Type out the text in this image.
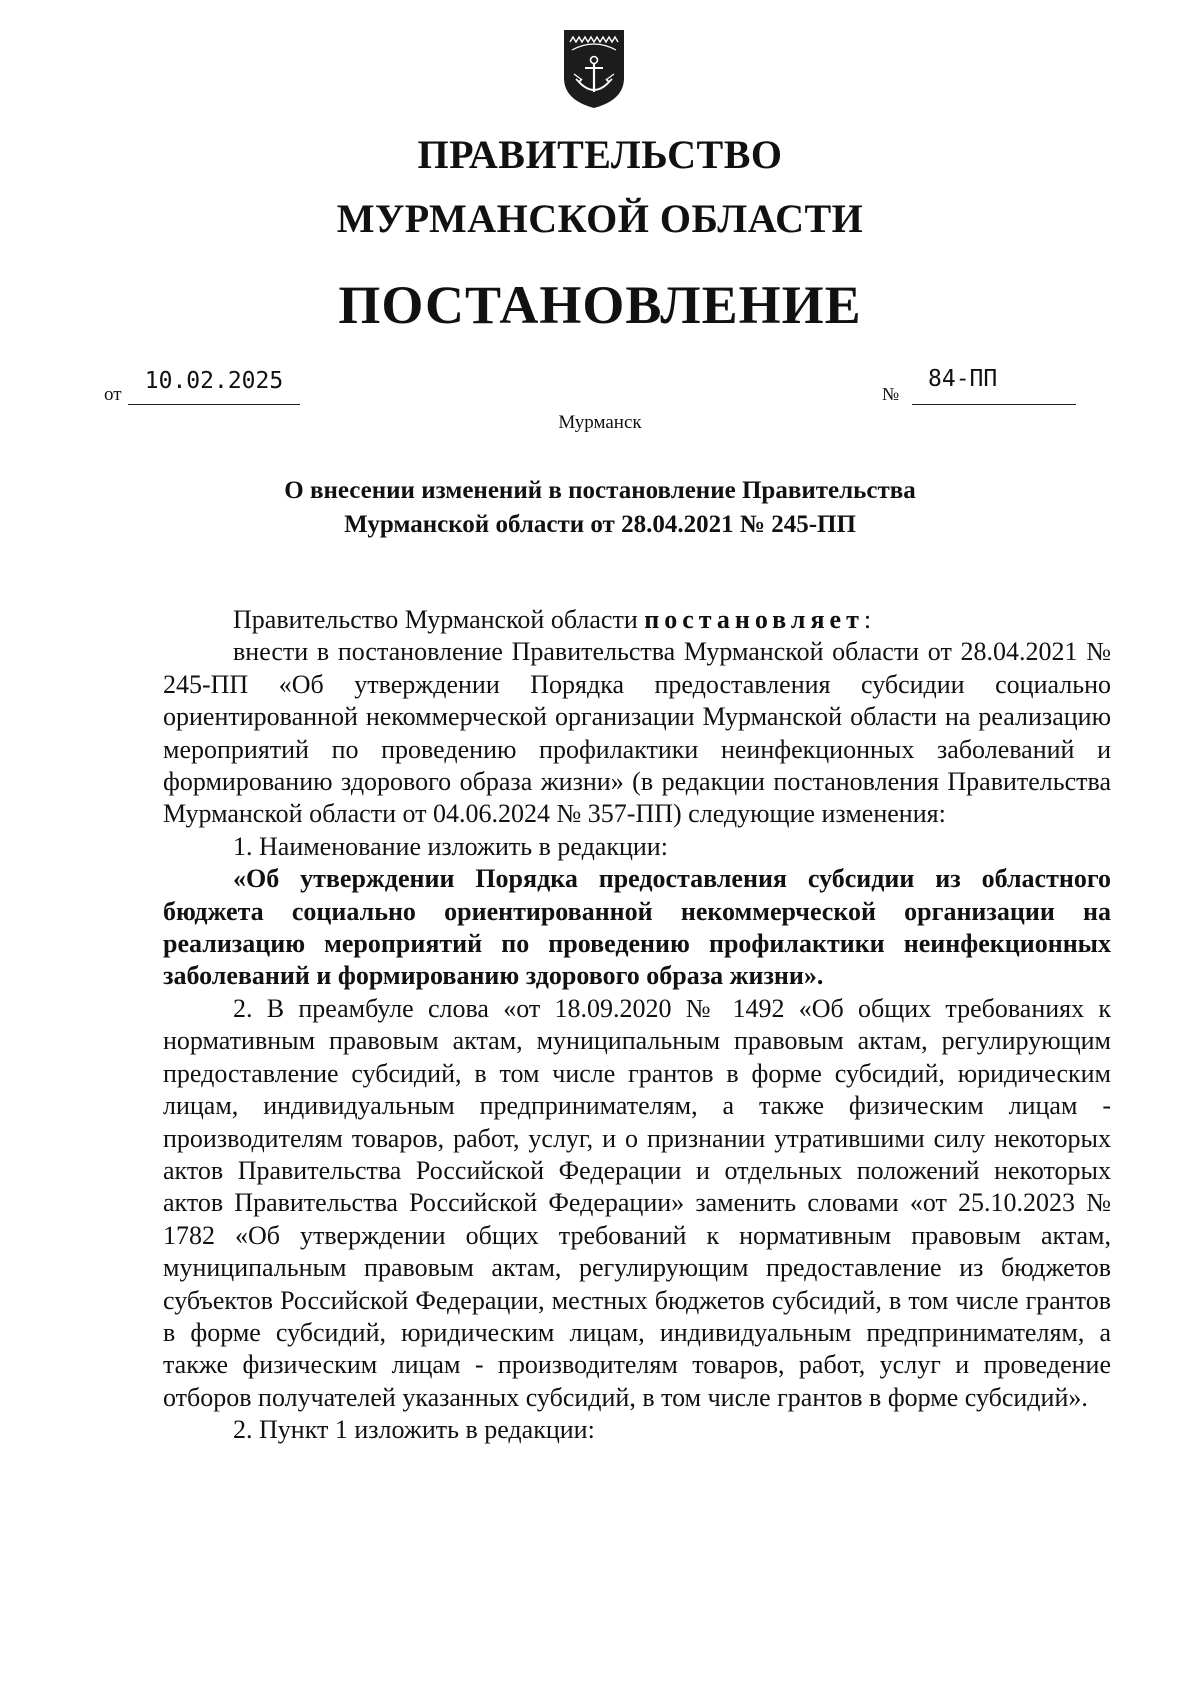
ПРАВИТЕЛЬСТВО
МУРМАНСКОЙ ОБЛАСТИ
ПОСТАНОВЛЕНИЕ
от
10.02.2025	№
84-ПП
Мурманск
О внесении изменений в постановление Правительства
Мурманской области от 28.04.2021 № 245-ПП

Правительство Мурманской области постановляет:

внести в постановление Правительства Мурманской области от 28.04.2021 № 245-ПП «Об утверждении Порядка предоставления субсидии социально ориентированной некоммерческой организации Мурманской области на реализацию мероприятий по проведению профилактики неинфекционных заболеваний и формированию здорового образа жизни» (в редакции постановления Правительства Мурманской области от 04.06.2024 № 357-ПП) следующие изменения:

1. Наименование изложить в редакции:

«Об утверждении Порядка предоставления субсидии из областного бюджета социально ориентированной некоммерческой организации на реализацию мероприятий по проведению профилактики неинфекционных заболеваний и формированию здорового образа жизни».

2. В преамбуле слова «от 18.09.2020 № 1492 «Об общих требованиях к нормативным правовым актам, муниципальным правовым актам, регулирующим предоставление субсидий, в том числе грантов в форме субсидий, юридическим лицам, индивидуальным предпринимателям, а также физическим лицам - производителям товаров, работ, услуг, и о признании утратившими силу некоторых актов Правительства Российской Федерации и отдельных положений некоторых актов Правительства Российской Федерации» заменить словами «от 25.10.2023 № 1782 «Об утверждении общих требований к нормативным правовым актам, муниципальным правовым актам, регулирующим предоставление из бюджетов субъектов Российской Федерации, местных бюджетов субсидий, в том числе грантов в форме субсидий, юридическим лицам, индивидуальным предпринимателям, а также физическим лицам - производителям товаров, работ, услуг и проведение отборов получателей указанных субсидий, в том числе грантов в форме субсидий».

2. Пункт 1 изложить в редакции:
